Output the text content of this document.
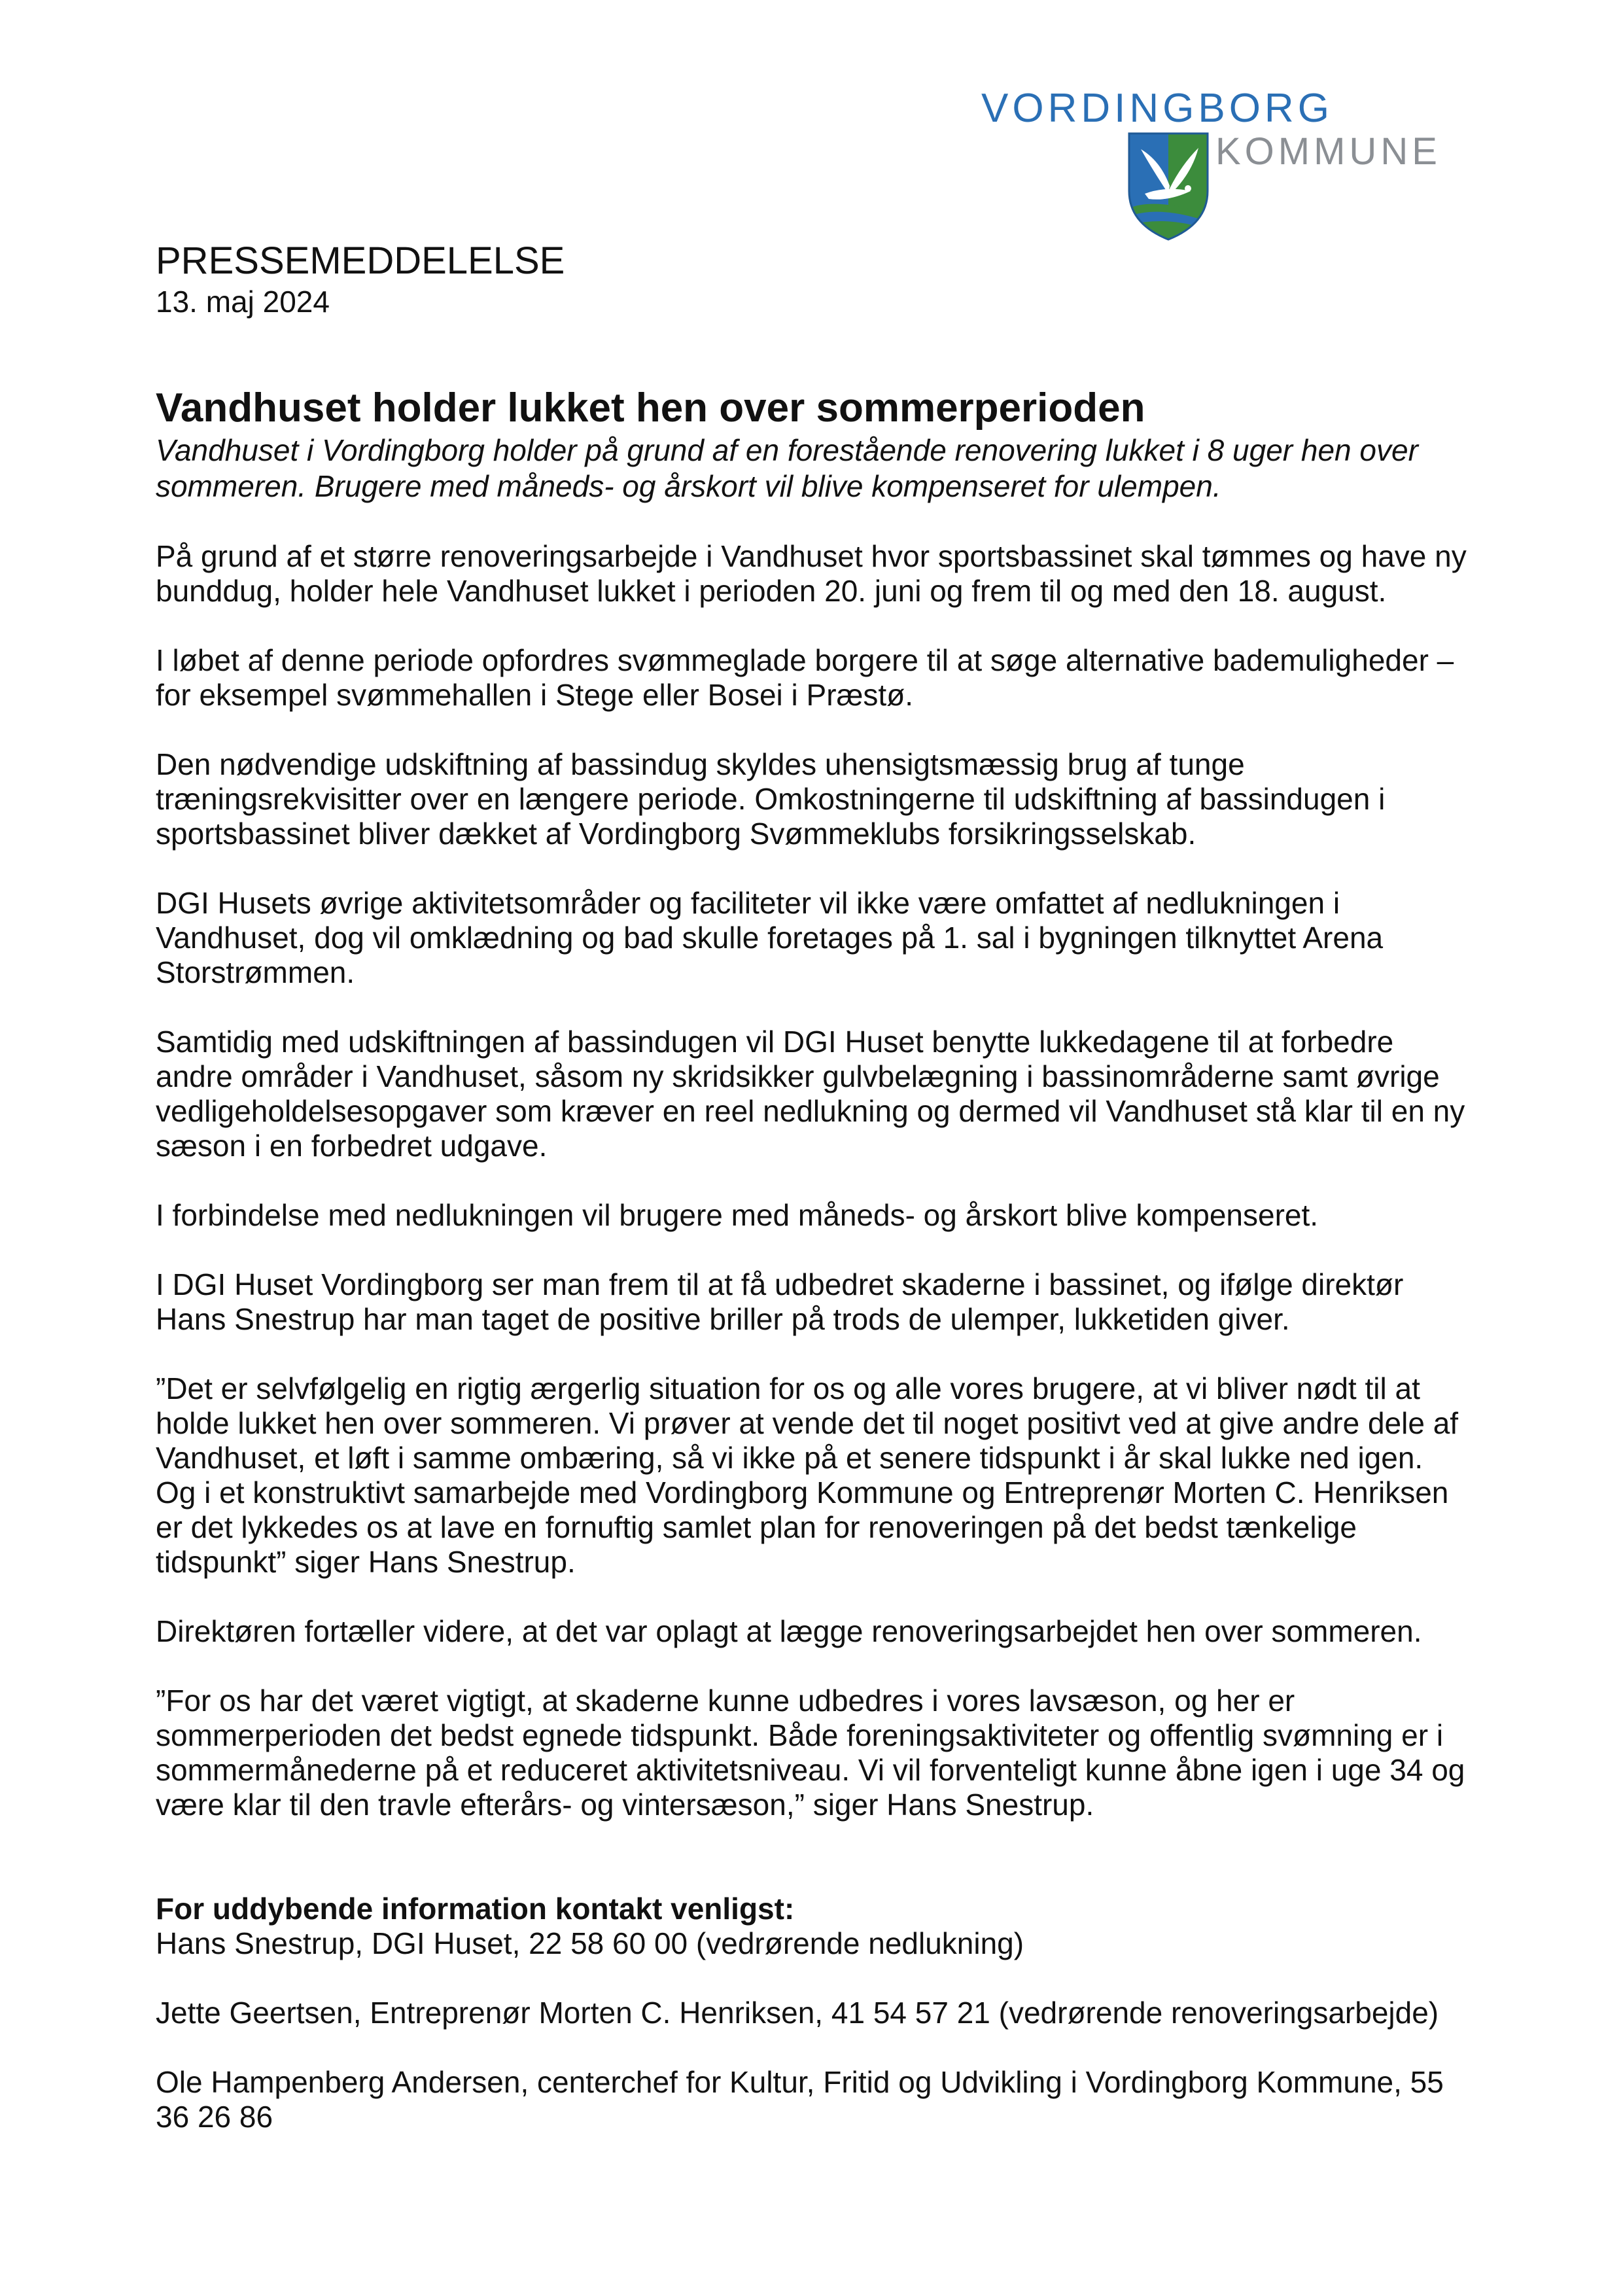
VORDINGBORG
KOMMUNE
PRESSEMEDDELELSE
13. maj 2024
Vandhuset holder lukket hen over sommerperioden
Vandhuset i Vordingborg holder på grund af en forestående renovering lukket i 8 uger hen over sommeren. Brugere med måneds- og årskort vil blive kompenseret for ulempen.

På grund af et større renoveringsarbejde i Vandhuset hvor sportsbassinet skal tømmes og have ny bunddug, holder hele Vandhuset lukket i perioden 20. juni og frem til og med den 18. august.

I løbet af denne periode opfordres svømmeglade borgere til at søge alternative bademuligheder – for eksempel svømmehallen i Stege eller Bosei i Præstø.

Den nødvendige udskiftning af bassindug skyldes uhensigtsmæssig brug af tunge træningsrekvisitter over en længere periode. Omkostningerne til udskiftning af bassindugen i sportsbassinet bliver dækket af Vordingborg Svømmeklubs forsikringsselskab.

DGI Husets øvrige aktivitetsområder og faciliteter vil ikke være omfattet af nedlukningen i Vandhuset, dog vil omklædning og bad skulle foretages på 1. sal i bygningen tilknyttet Arena Storstrømmen.

Samtidig med udskiftningen af bassindugen vil DGI Huset benytte lukkedagene til at forbedre andre områder i Vandhuset, såsom ny skridsikker gulvbelægning i bassinområderne samt øvrige vedligeholdelsesopgaver som kræver en reel nedlukning og dermed vil Vandhuset stå klar til en ny sæson i en forbedret udgave.

I forbindelse med nedlukningen vil brugere med måneds- og årskort blive kompenseret.

I DGI Huset Vordingborg ser man frem til at få udbedret skaderne i bassinet, og ifølge direktør Hans Snestrup har man taget de positive briller på trods de ulemper, lukketiden giver.

”Det er selvfølgelig en rigtig ærgerlig situation for os og alle vores brugere, at vi bliver nødt til at holde lukket hen over sommeren. Vi prøver at vende det til noget positivt ved at give andre dele af Vandhuset, et løft i samme ombæring, så vi ikke på et senere tidspunkt i år skal lukke ned igen. Og i et konstruktivt samarbejde med Vordingborg Kommune og Entreprenør Morten C. Henriksen er det lykkedes os at lave en fornuftig samlet plan for renoveringen på det bedst tænkelige tidspunkt” siger Hans Snestrup.

Direktøren fortæller videre, at det var oplagt at lægge renoveringsarbejdet hen over sommeren.

”For os har det været vigtigt, at skaderne kunne udbedres i vores lavsæson, og her er sommerperioden det bedst egnede tidspunkt. Både foreningsaktiviteter og offentlig svømning er i sommermånederne på et reduceret aktivitetsniveau. Vi vil forventeligt kunne åbne igen i uge 34 og være klar til den travle efterårs- og vintersæson,” siger Hans Snestrup.

For uddybende information kontakt venligst:

Hans Snestrup, DGI Huset, 22 58 60 00 (vedrørende nedlukning)

Jette Geertsen, Entreprenør Morten C. Henriksen, 41 54 57 21 (vedrørende renoveringsarbejde)

Ole Hampenberg Andersen, centerchef for Kultur, Fritid og Udvikling i Vordingborg Kommune, 55 36 26 86
